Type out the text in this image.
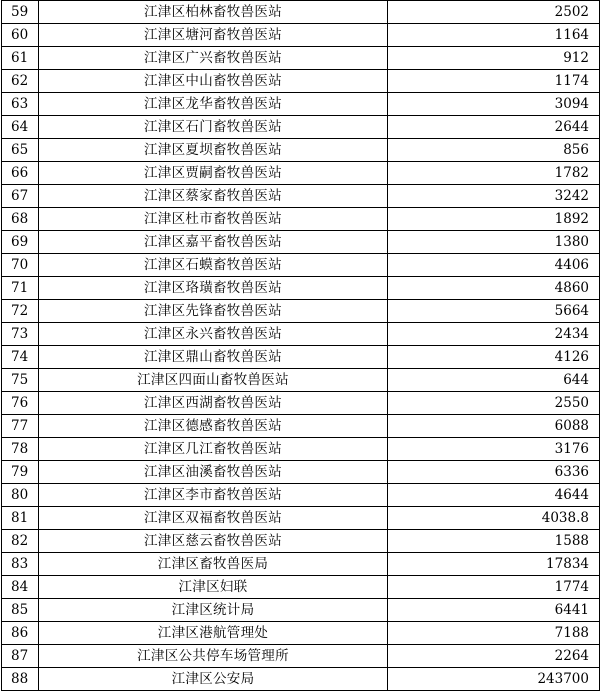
59	江津区柏林畜牧兽医站	2502
60	江津区塘河畜牧兽医站	1164
61	江津区广兴畜牧兽医站	912
62	江津区中山畜牧兽医站	1174
63	江津区龙华畜牧兽医站	3094
64	江津区石门畜牧兽医站	2644
65	江津区夏坝畜牧兽医站	856
66	江津区贾嗣畜牧兽医站	1782
67	江津区蔡家畜牧兽医站	3242
68	江津区杜市畜牧兽医站	1892
69	江津区嘉平畜牧兽医站	1380
70	江津区石蟆畜牧兽医站	4406
71	江津区珞璜畜牧兽医站	4860
72	江津区先锋畜牧兽医站	5664
73	江津区永兴畜牧兽医站	2434
74	江津区鼎山畜牧兽医站	4126
75	江津区四面山畜牧兽医站	644
76	江津区西湖畜牧兽医站	2550
77	江津区德感畜牧兽医站	6088
78	江津区几江畜牧兽医站	3176
79	江津区油溪畜牧兽医站	6336
80	江津区李市畜牧兽医站	4644
81	江津区双福畜牧兽医站	4038.8
82	江津区慈云畜牧兽医站	1588
83	江津区畜牧兽医局	17834
84	江津区妇联	1774
85	江津区统计局	6441
86	江津区港航管理处	7188
87	江津区公共停车场管理所	2264
88	江津区公安局	243700
